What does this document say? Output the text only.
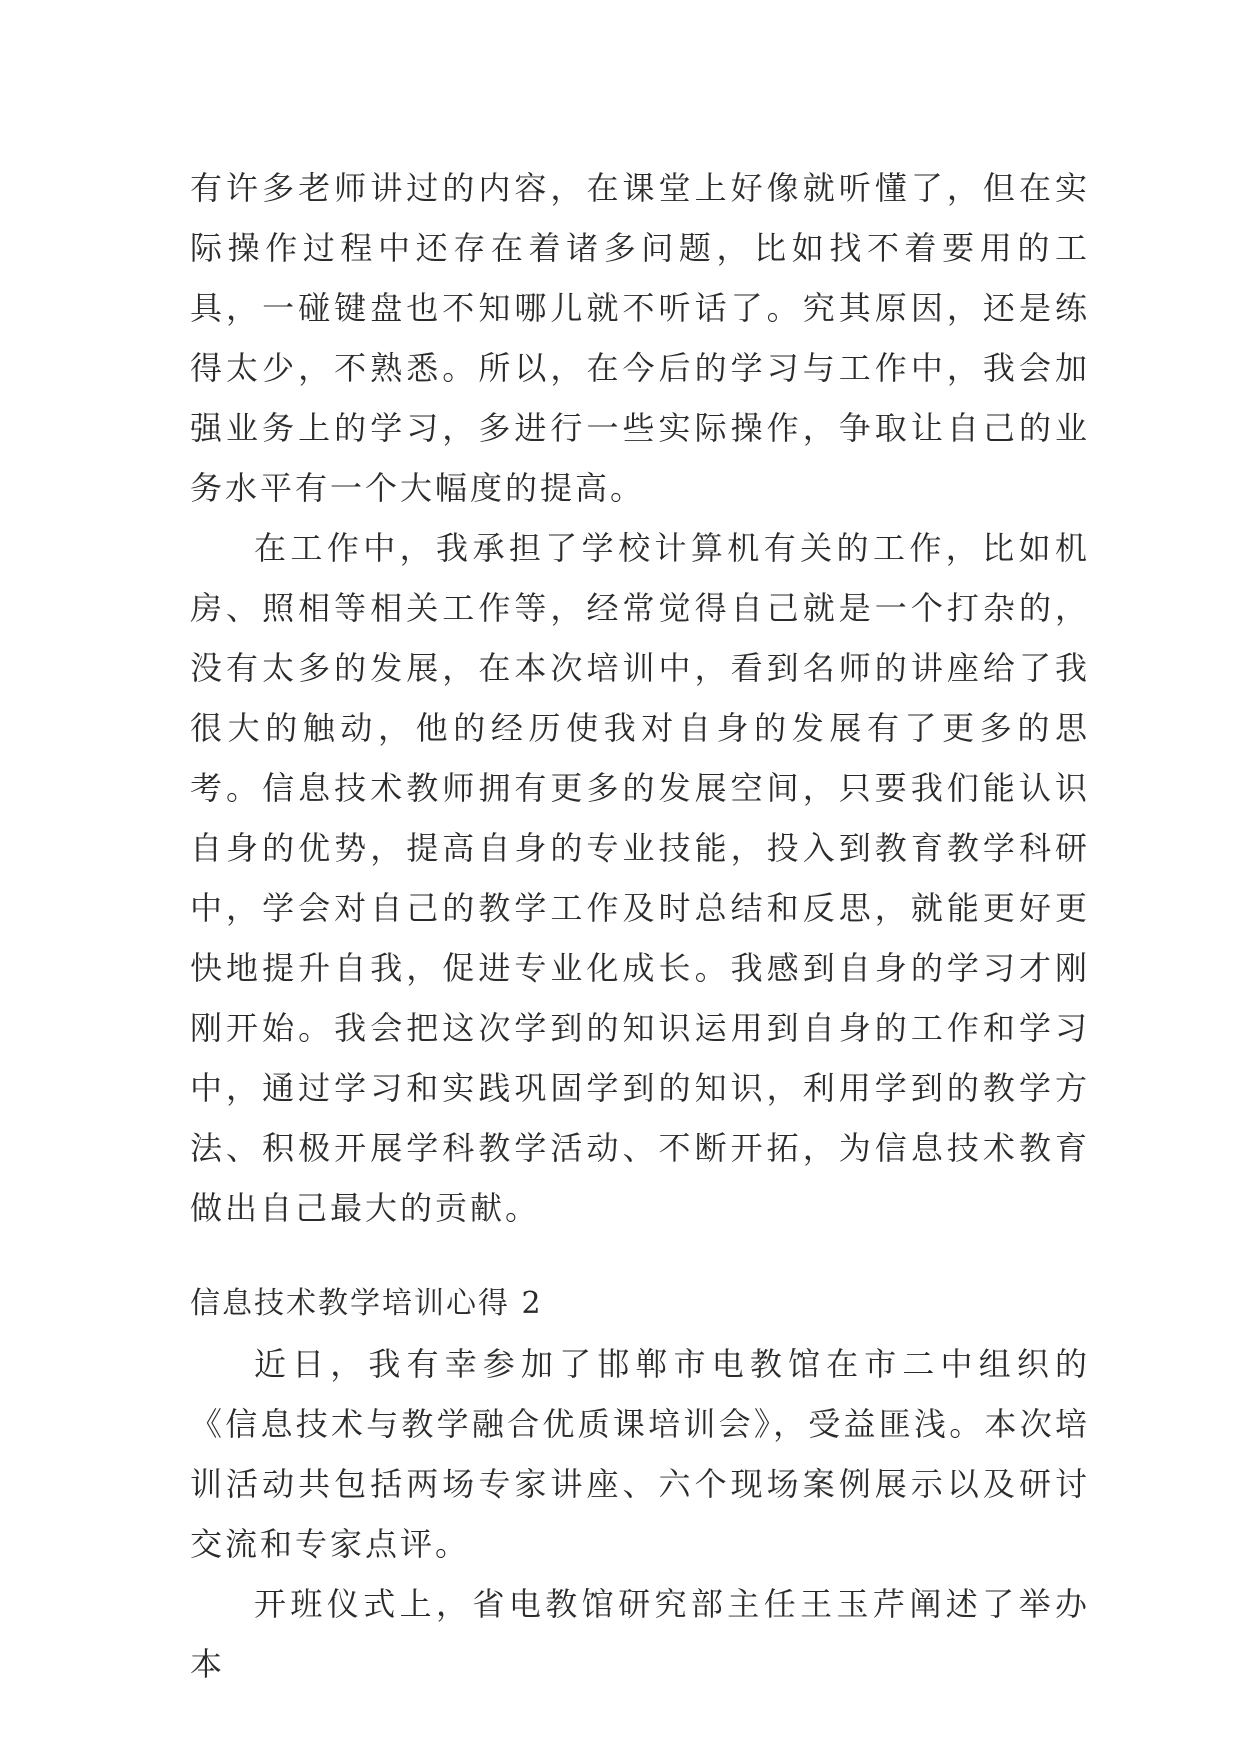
有许多老师讲过的内容，在课堂上好像就听懂了，但在实际操作过程中还存在着诸多问题，比如找不着要用的工具，一碰键盘也不知哪儿就不听话了。究其原因，还是练得太少，不熟悉。所以，在今后的学习与工作中，我会加强业务上的学习，多进行一些实际操作，争取让自己的业务水平有一个大幅度的提高。

在工作中，我承担了学校计算机有关的工作，比如机房、照相等相关工作等，经常觉得自己就是一个打杂的，没有太多的发展，在本次培训中，看到名师的讲座给了我很大的触动，他的经历使我对自身的发展有了更多的思考。信息技术教师拥有更多的发展空间，只要我们能认识自身的优势，提高自身的专业技能，投入到教育教学科研中，学会对自己的教学工作及时总结和反思，就能更好更快地提升自我，促进专业化成长。我感到自身的学习才刚刚开始。我会把这次学到的知识运用到自身的工作和学习中，通过学习和实践巩固学到的知识，利用学到的教学方法、积极开展学科教学活动、不断开拓，为信息技术教育做出自己最大的贡献。

信息技术教学培训心得 2

近日，我有幸参加了邯郸市电教馆在市二中组织的《信息技术与教学融合优质课培训会》，受益匪浅。本次培训活动共包括两场专家讲座、六个现场案例展示以及研讨交流和专家点评。

开班仪式上，省电教馆研究部主任王玉芹阐述了举办本
